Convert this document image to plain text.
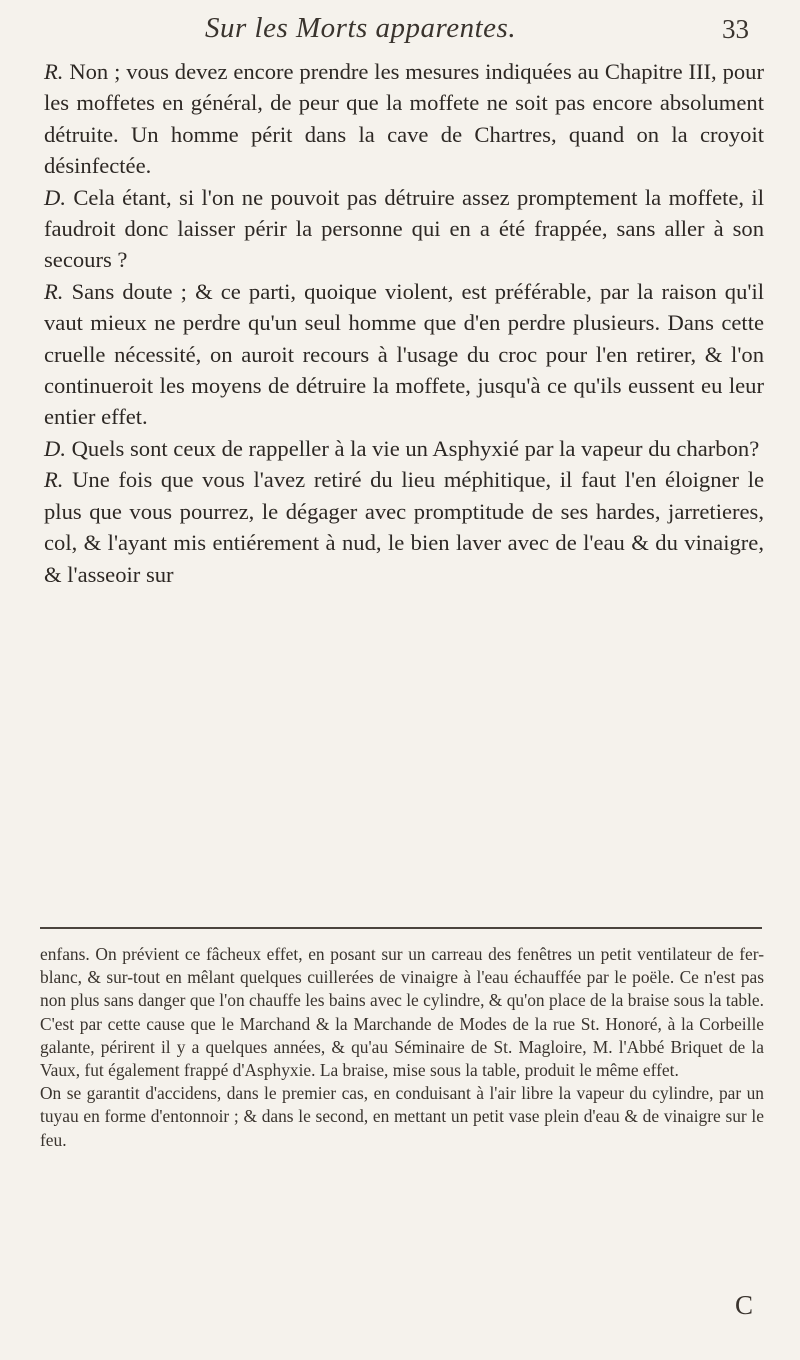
Sur les Morts apparentes.	33

R. Non ; vous devez encore prendre les mesures indiquées au Chapitre III, pour les moffetes en général, de peur que la moffete ne soit pas encore absolument détruite. Un homme périt dans la cave de Chartres, quand on la croyoit désinfectée.

D. Cela étant, si l'on ne pouvoit pas détruire assez promptement la moffete, il faudroit donc laisser périr la personne qui en a été frappée, sans aller à son secours ?

R. Sans doute ; & ce parti, quoique violent, est préférable, par la raison qu'il vaut mieux ne perdre qu'un seul homme que d'en perdre plusieurs. Dans cette cruelle nécessité, on auroit recours à l'usage du croc pour l'en retirer, & l'on continueroit les moyens de détruire la moffete, jusqu'à ce qu'ils eussent eu leur entier effet.

D. Quels sont ceux de rappeller à la vie un Asphyxié par la vapeur du charbon?

R. Une fois que vous l'avez retiré du lieu méphitique, il faut l'en éloigner le plus que vous pourrez, le dégager avec promptitude de ses hardes, jarretieres, col, & l'ayant mis entiérement à nud, le bien laver avec de l'eau & du vinaigre, & l'asseoir sur

enfans. On prévient ce fâcheux effet, en posant sur un carreau des fenêtres un petit ventilateur de fer-blanc, & sur-tout en mêlant quelques cuillerées de vinaigre à l'eau échauffée par le poële. Ce n'est pas non plus sans danger que l'on chauffe les bains avec le cylindre, & qu'on place de la braise sous la table. C'est par cette cause que le Marchand & la Marchande de Modes de la rue St. Honoré, à la Corbeille galante, périrent il y a quelques années, & qu'au Séminaire de St. Magloire, M. l'Abbé Briquet de la Vaux, fut également frappé d'Asphyxie. La braise, mise sous la table, produit le même effet.

On se garantit d'accidens, dans le premier cas, en conduisant à l'air libre la vapeur du cylindre, par un tuyau en forme d'entonnoir ; & dans le second, en mettant un petit vase plein d'eau & de vinaigre sur le feu.

C
